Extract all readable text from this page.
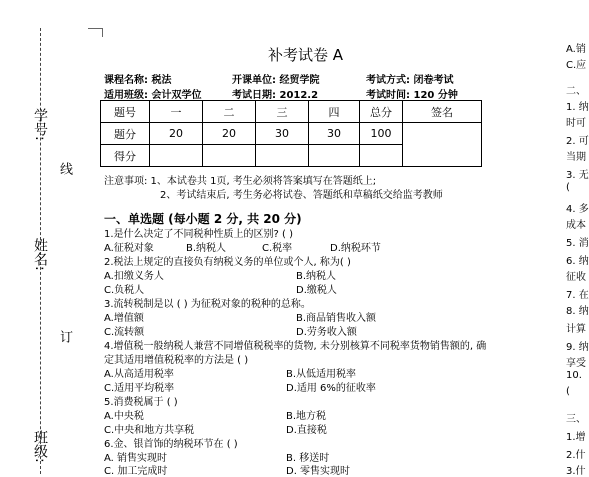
学号:
姓名:
班级:
线
订
补考试卷 A
课程名称: 税法	开课单位: 经贸学院	考试方式: 闭卷考试
适用班级: 会计双学位	考试日期: 2012.2	考试时间: 120 分钟
题号	一	二	三	四	总分	签名
题分	20	20	30	30	100	
得分						
注意事项: 1、本试卷共 1页, 考生必须将答案填写在答题纸上;
2、考试结束后, 考生务必将试卷、答题纸和草稿纸交给监考教师
一、单选题 (每小题 2 分, 共 20 分)
1.是什么决定了不同税种性质上的区别? ( )
A.征税对象	B.纳税人	C.税率	D.纳税环节
2.税法上规定的直接负有纳税义务的单位或个人, 称为( )
A.扣缴义务人	B.纳税人
C.负税人	D.缴税人
3.流转税制是以 ( ) 为征税对象的税种的总称。
A.增值额	B.商品销售收入额
C.流转额	D.劳务收入额
4.增值税一般纳税人兼营不同增值税税率的货物, 未分别核算不同税率货物销售额的, 确
定其适用增值税税率的方法是 ( )
A.从高适用税率	B.从低适用税率
C.适用平均税率	D.适用 6%的征收率
5.消费税属于 ( )
A.中央税	B.地方税
C.中央和地方共享税	D.直接税
6.金、银首饰的纳税环节在 ( )
A. 销售实现时	B. 移送时
C. 加工完成时	D. 零售实现时
A.销
C.应
二、
1. 纳
时可
2. 可
当期
3. 无
(
4. 多
成本
5. 消
6. 纳
征收
7. 在
8. 纳
计算
9. 纳
享受
10.
(
三、
1.增
2.什
3.什
